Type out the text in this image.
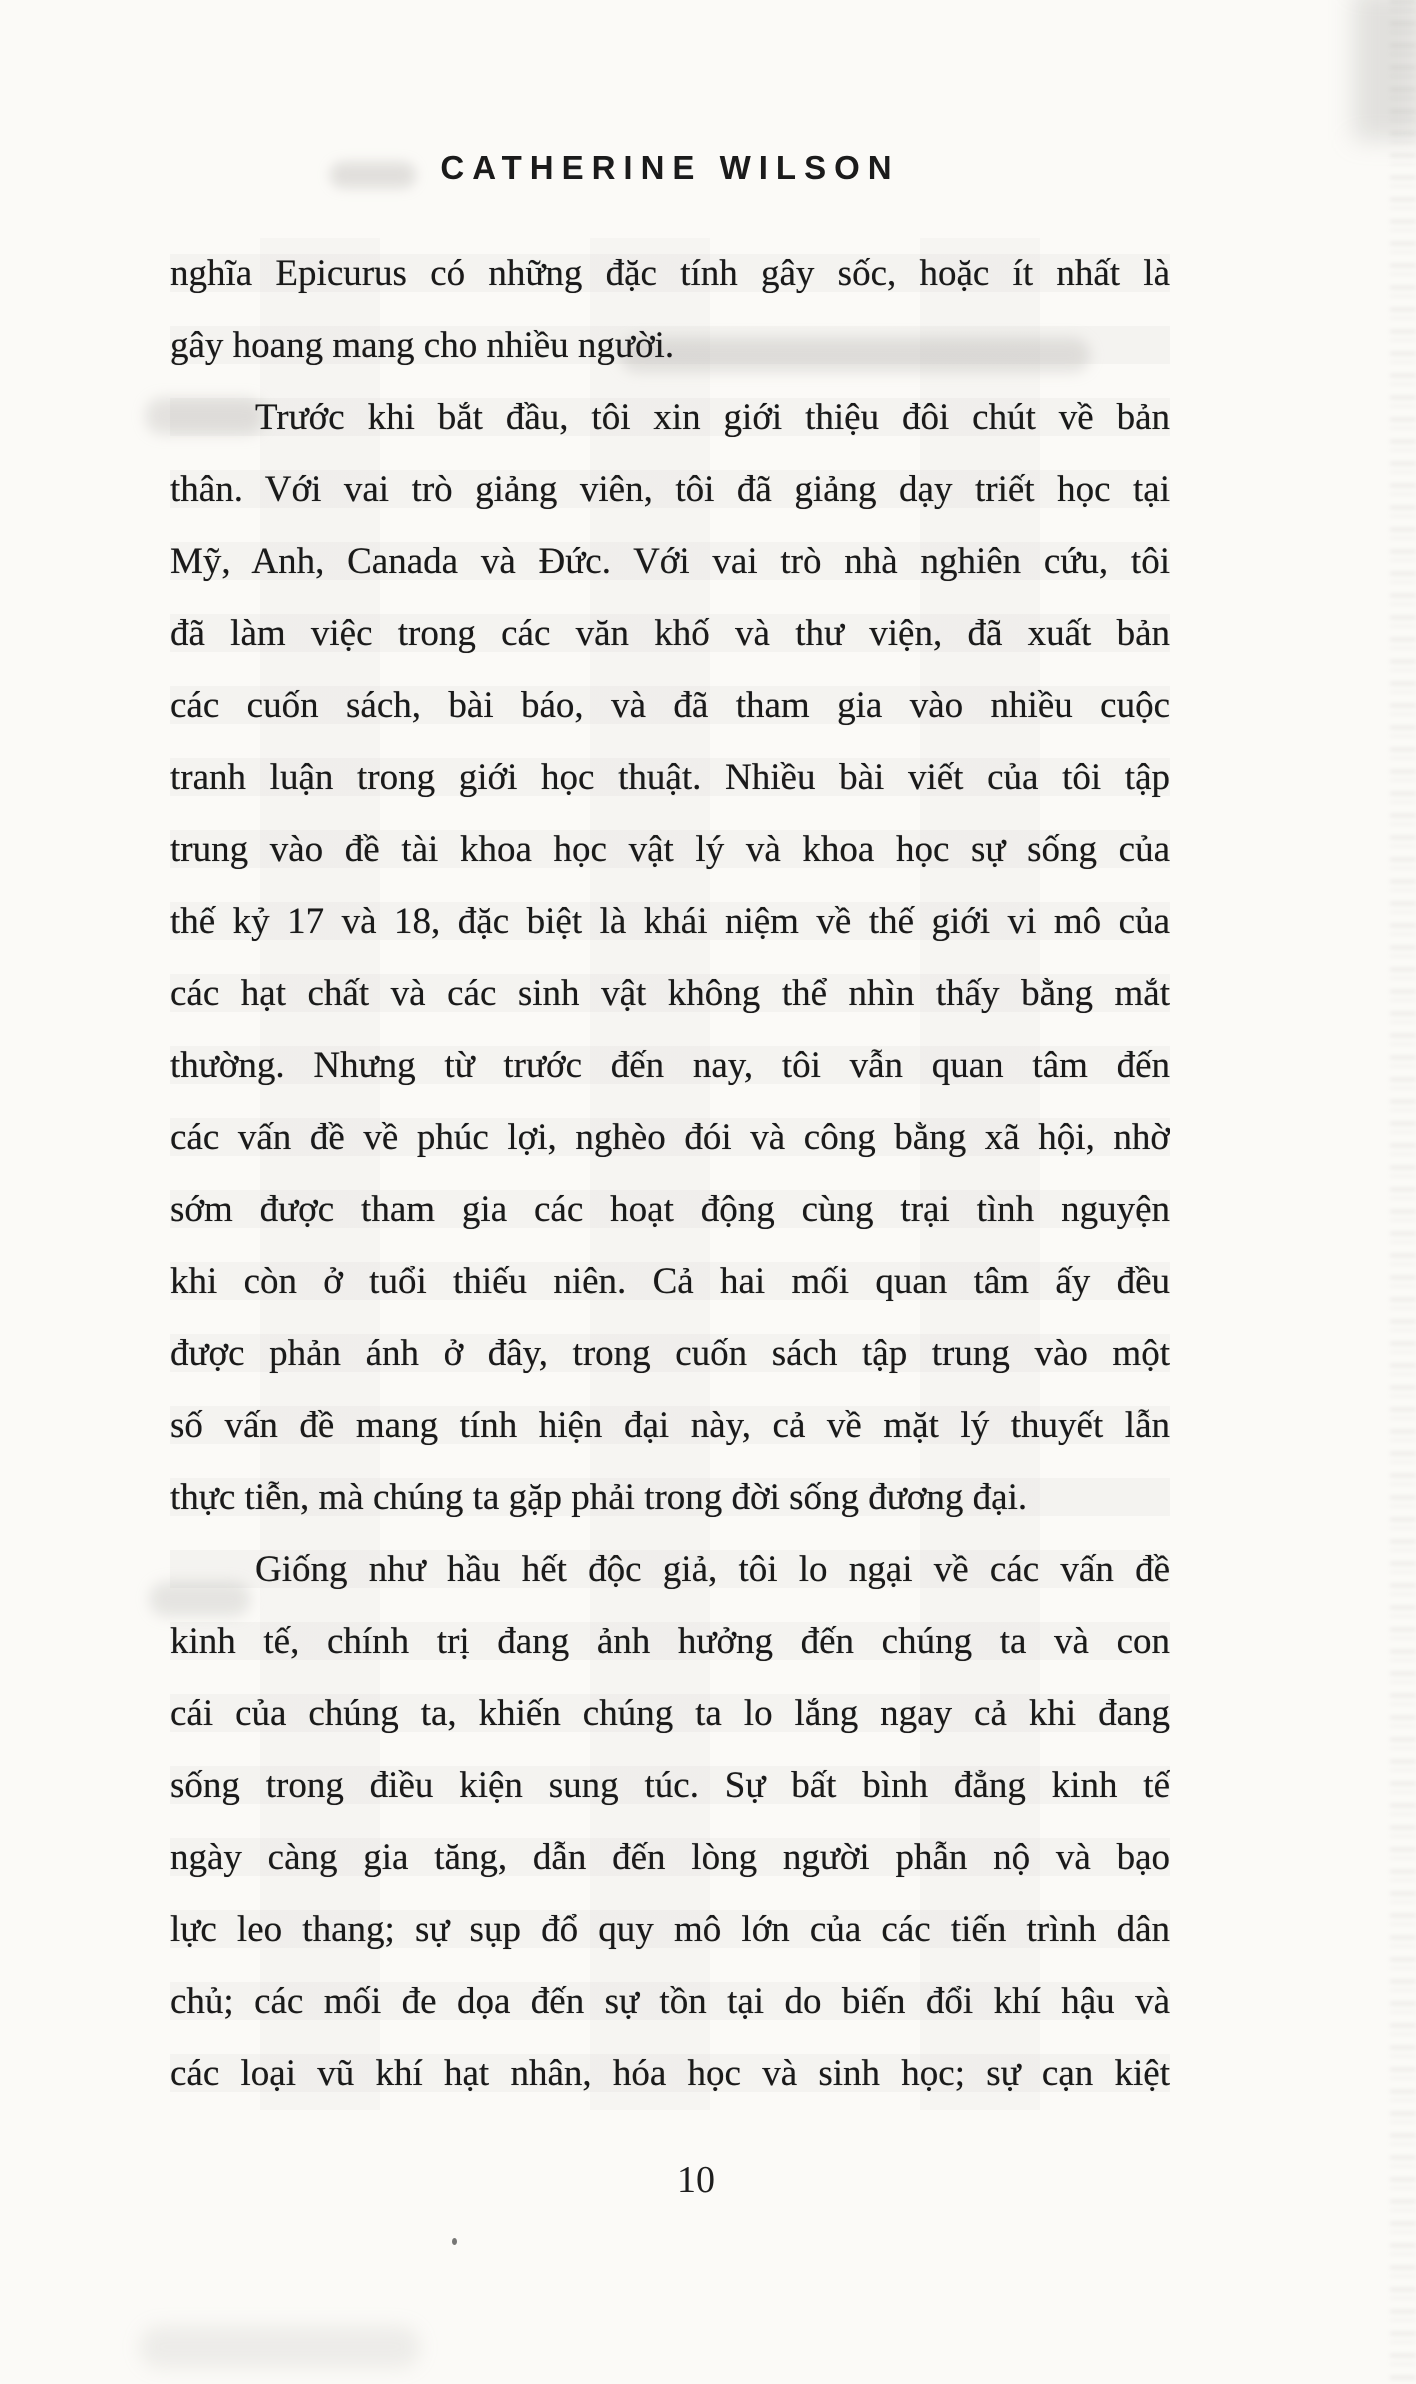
CATHERINE WILSON
nghĩa Epicurus có những đặc tính gây sốc, hoặc ít nhất là
gây hoang mang cho nhiều người.
Trước khi bắt đầu, tôi xin giới thiệu đôi chút về bản
thân. Với vai trò giảng viên, tôi đã giảng dạy triết học tại
Mỹ, Anh, Canada và Đức. Với vai trò nhà nghiên cứu, tôi
đã làm việc trong các văn khố và thư viện, đã xuất bản
các cuốn sách, bài báo, và đã tham gia vào nhiều cuộc
tranh luận trong giới học thuật. Nhiều bài viết của tôi tập
trung vào đề tài khoa học vật lý và khoa học sự sống của
thế kỷ 17 và 18, đặc biệt là khái niệm về thế giới vi mô của
các hạt chất và các sinh vật không thể nhìn thấy bằng mắt
thường. Nhưng từ trước đến nay, tôi vẫn quan tâm đến
các vấn đề về phúc lợi, nghèo đói và công bằng xã hội, nhờ
sớm được tham gia các hoạt động cùng trại tình nguyện
khi còn ở tuổi thiếu niên. Cả hai mối quan tâm ấy đều
được phản ánh ở đây, trong cuốn sách tập trung vào một
số vấn đề mang tính hiện đại này, cả về mặt lý thuyết lẫn
thực tiễn, mà chúng ta gặp phải trong đời sống đương đại.
Giống như hầu hết độc giả, tôi lo ngại về các vấn đề
kinh tế, chính trị đang ảnh hưởng đến chúng ta và con
cái của chúng ta, khiến chúng ta lo lắng ngay cả khi đang
sống trong điều kiện sung túc. Sự bất bình đẳng kinh tế
ngày càng gia tăng, dẫn đến lòng người phẫn nộ và bạo
lực leo thang; sự sụp đổ quy mô lớn của các tiến trình dân
chủ; các mối đe dọa đến sự tồn tại do biến đổi khí hậu và
các loại vũ khí hạt nhân, hóa học và sinh học; sự cạn kiệt
10
